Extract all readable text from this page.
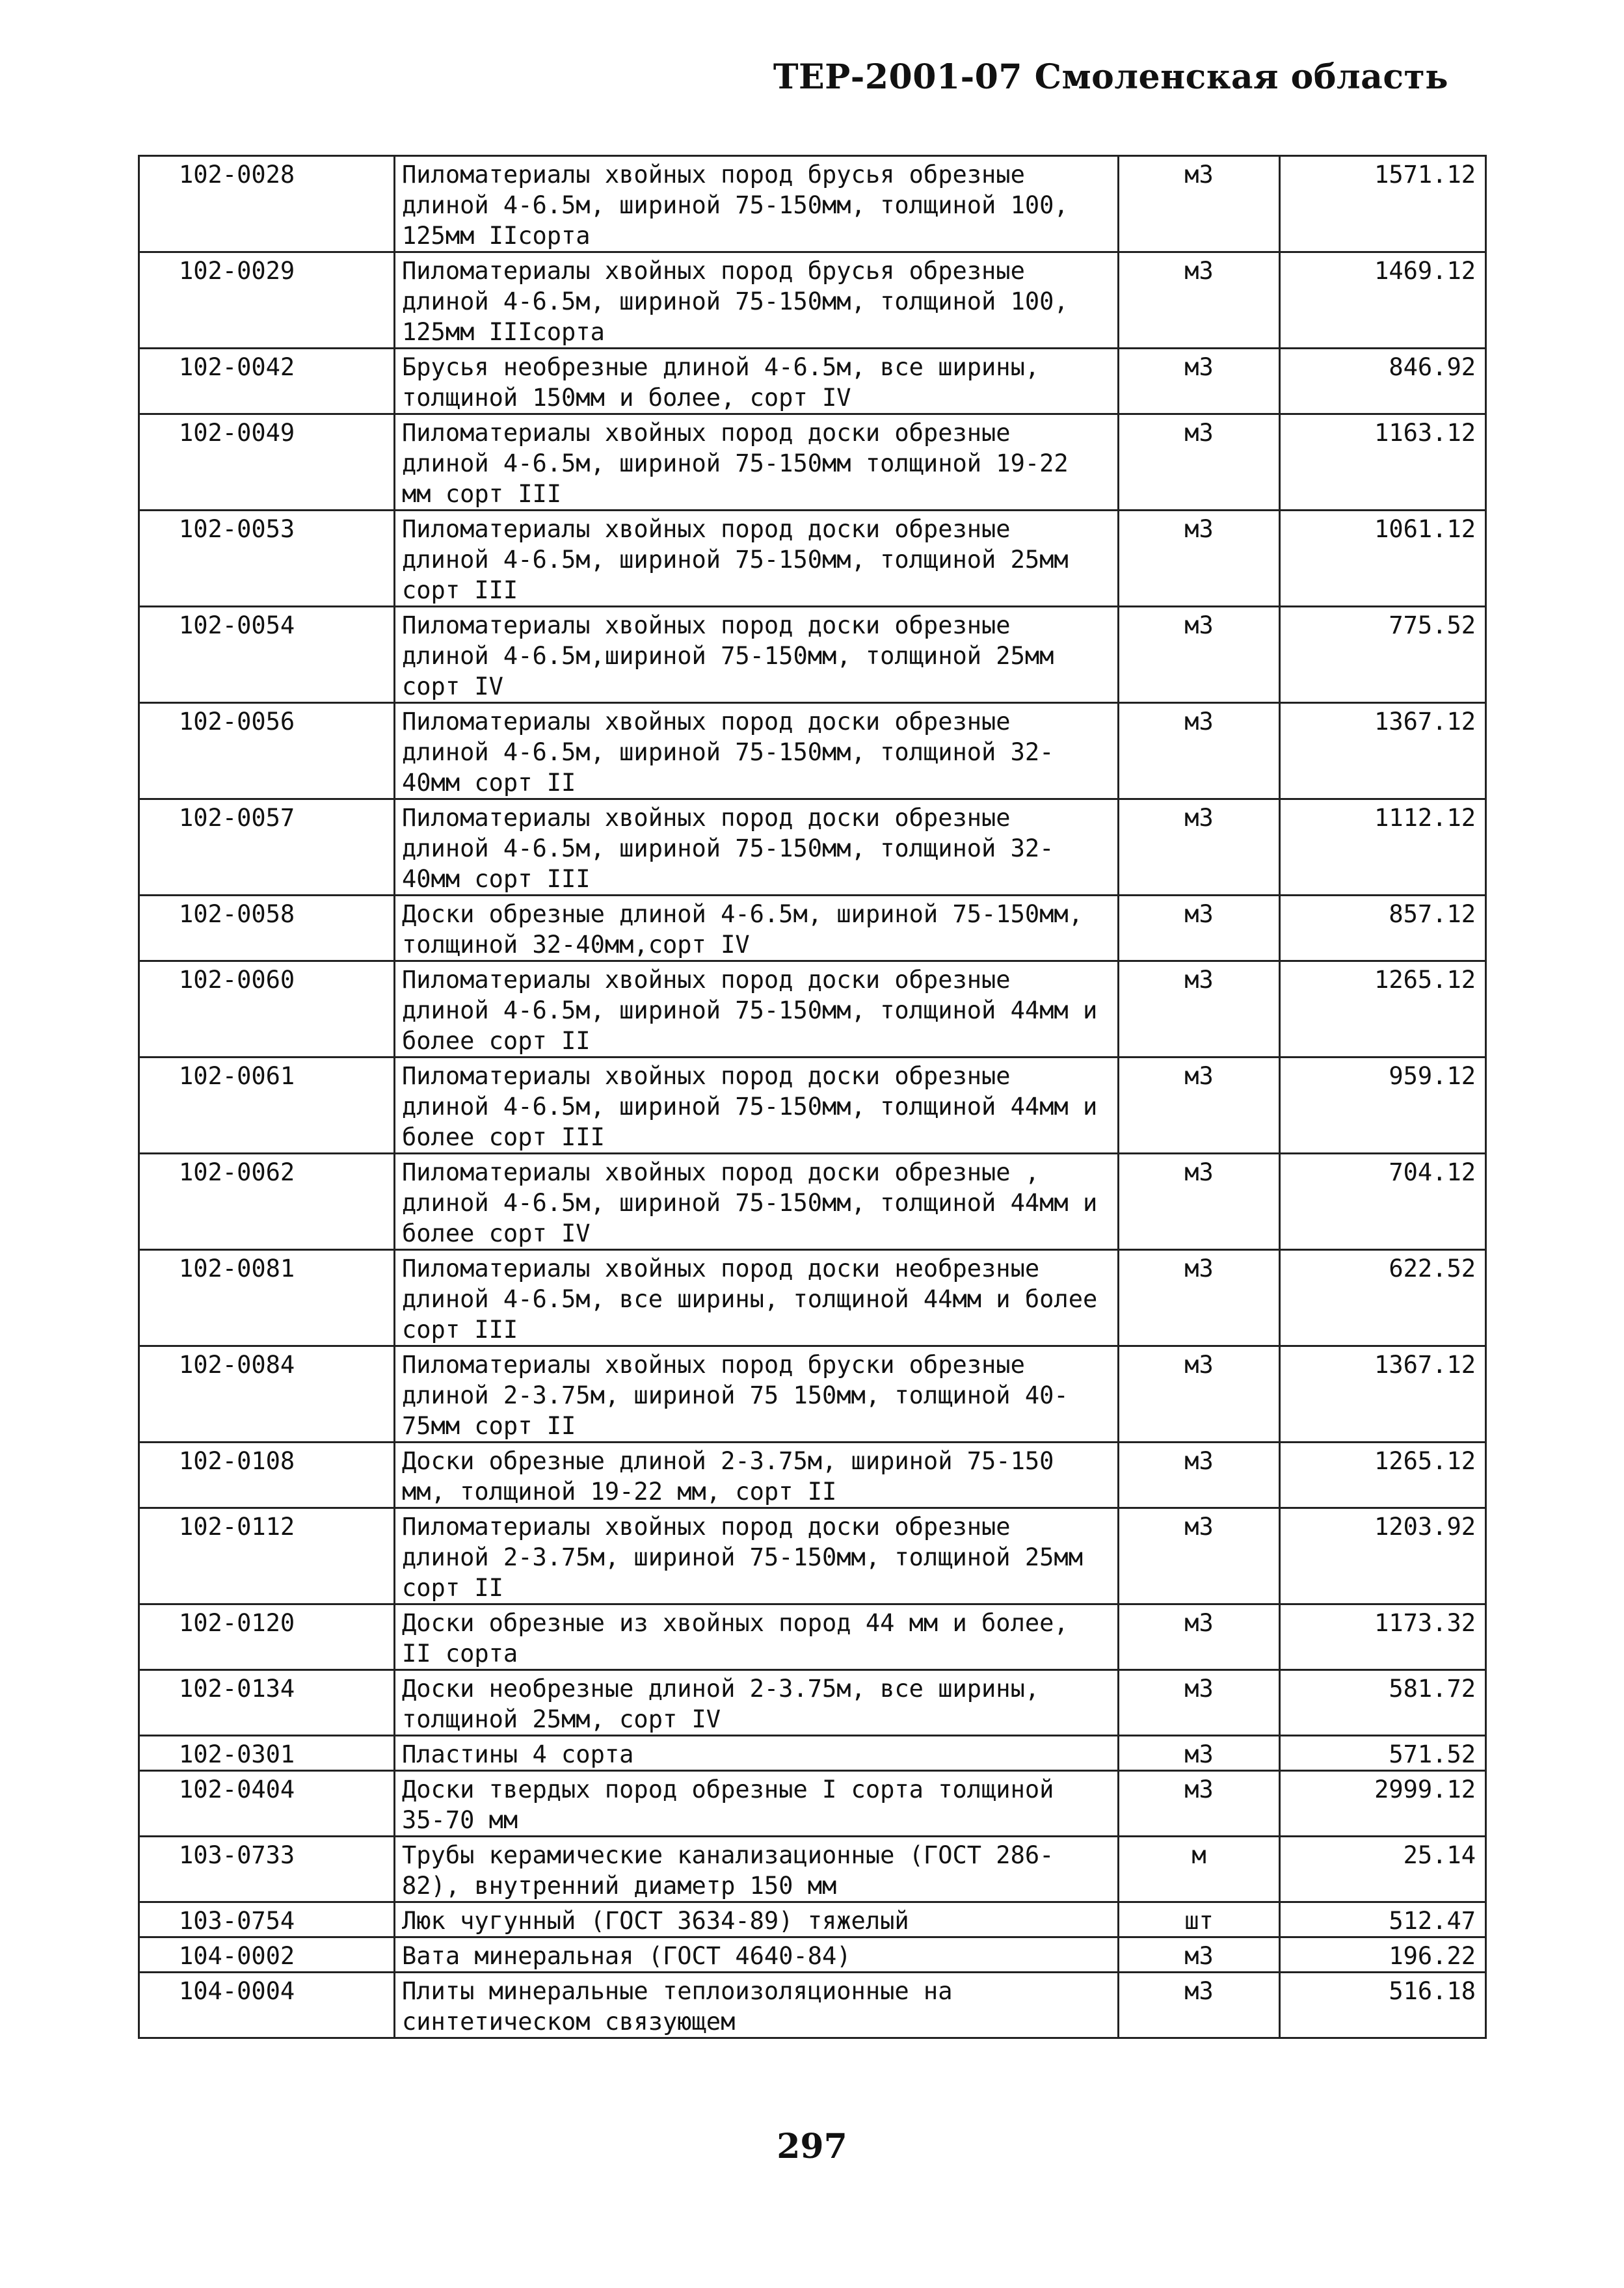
ТЕР-2001-07 Смоленская область
102-0028	Пиломатериалы хвойных пород брусья обрезные длиной 4-6.5м, шириной 75-150мм, толщиной 100, 125мм IIсорта	м3	1571.12
102-0029	Пиломатериалы хвойных пород брусья обрезные длиной 4-6.5м, шириной 75-150мм, толщиной 100, 125мм IIIсорта	м3	1469.12
102-0042	Брусья необрезные длиной 4-6.5м, все ширины, толщиной 150мм и более, сорт IV	м3	846.92
102-0049	Пиломатериалы хвойных пород доски обрезные длиной 4-6.5м, шириной 75-150мм толщиной 19-22 мм сорт III	м3	1163.12
102-0053	Пиломатериалы хвойных пород доски обрезные длиной 4-6.5м, шириной 75-150мм, толщиной 25мм сорт III	м3	1061.12
102-0054	Пиломатериалы хвойных пород доски обрезные длиной 4-6.5м,шириной 75-150мм, толщиной 25мм сорт IV	м3	775.52
102-0056	Пиломатериалы хвойных пород доски обрезные длиной 4-6.5м, шириной 75-150мм, толщиной 32-40мм сорт II	м3	1367.12
102-0057	Пиломатериалы хвойных пород доски обрезные длиной 4-6.5м, шириной 75-150мм, толщиной 32-40мм сорт III	м3	1112.12
102-0058	Доски обрезные длиной 4-6.5м, шириной 75-150мм, толщиной 32-40мм,сорт IV	м3	857.12
102-0060	Пиломатериалы хвойных пород доски обрезные длиной 4-6.5м, шириной 75-150мм, толщиной 44мм и более сорт II	м3	1265.12
102-0061	Пиломатериалы хвойных пород доски обрезные длиной 4-6.5м, шириной 75-150мм, толщиной 44мм и более сорт III	м3	959.12
102-0062	Пиломатериалы хвойных пород доски обрезные , длиной 4-6.5м, шириной 75-150мм, толщиной 44мм и более сорт IV	м3	704.12
102-0081	Пиломатериалы хвойных пород доски необрезные длиной 4-6.5м, все ширины, толщиной 44мм и более сорт III	м3	622.52
102-0084	Пиломатериалы хвойных пород бруски обрезные длиной 2-3.75м, шириной 75 150мм, толщиной 40-75мм сорт II	м3	1367.12
102-0108	Доски обрезные длиной 2-3.75м, шириной 75-150 мм, толщиной 19-22 мм, сорт II	м3	1265.12
102-0112	Пиломатериалы хвойных пород доски обрезные длиной 2-3.75м, шириной 75-150мм, толщиной 25мм сорт II	м3	1203.92
102-0120	Доски обрезные из хвойных пород 44 мм и более, II сорта	м3	1173.32
102-0134	Доски необрезные длиной 2-3.75м, все ширины, толщиной 25мм, сорт IV	м3	581.72
102-0301	Пластины 4 сорта	м3	571.52
102-0404	Доски твердых пород обрезные I сорта толщиной 35-70 мм	м3	2999.12
103-0733	Трубы керамические канализационные (ГОСТ 286-82), внутренний диаметр 150 мм	м	25.14
103-0754	Люк чугунный (ГОСТ 3634-89) тяжелый	шт	512.47
104-0002	Вата минеральная (ГОСТ 4640-84)	м3	196.22
104-0004	Плиты минеральные теплоизоляционные на синтетическом связующем	м3	516.18
297
